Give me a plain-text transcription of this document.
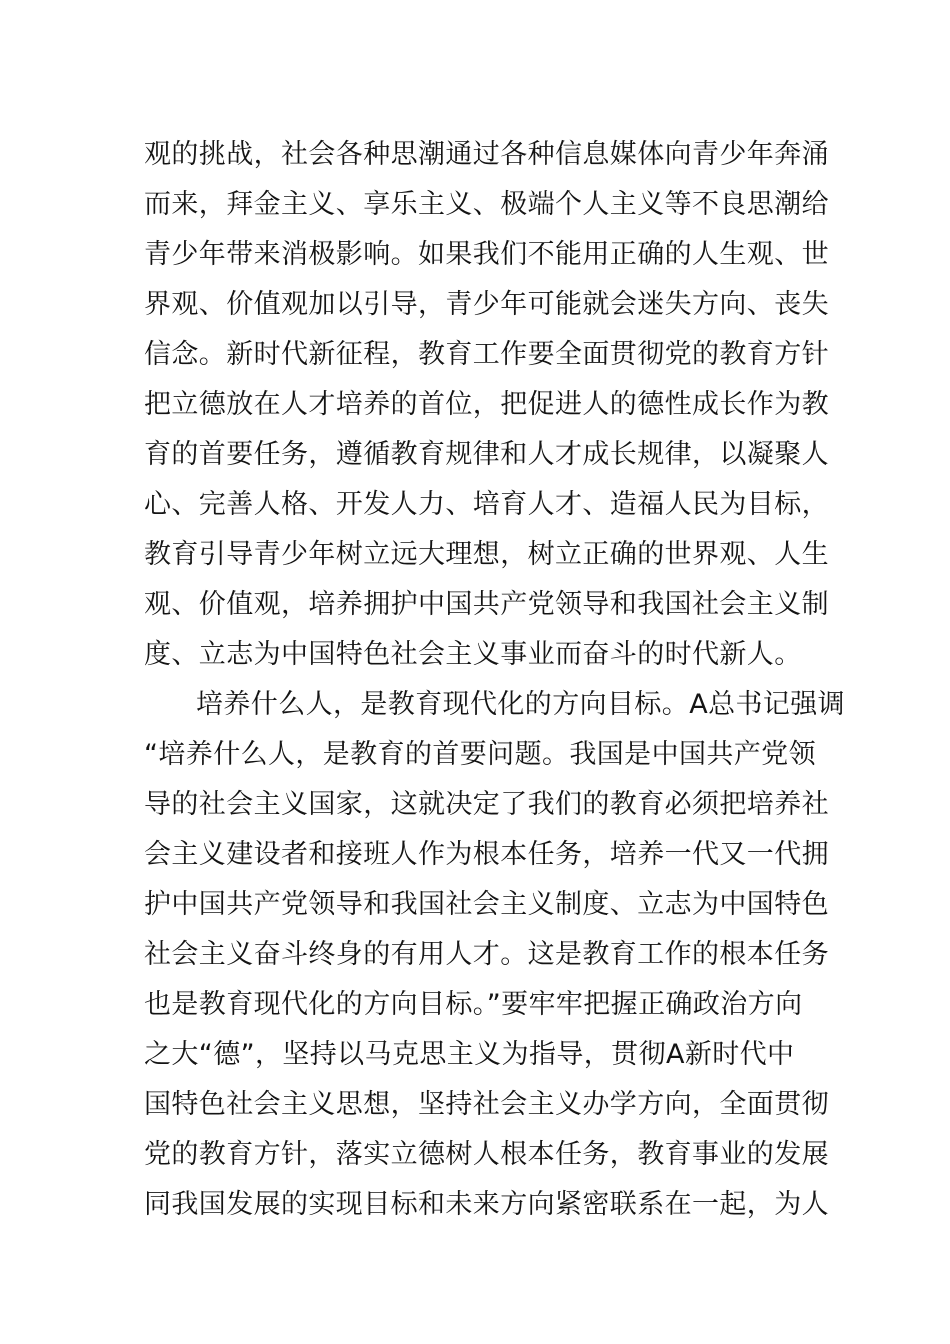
观的挑战，社会各种思潮通过各种信息媒体向青少年奔涌
而来，拜金主义、享乐主义、极端个人主义等不良思潮给
青少年带来消极影响。如果我们不能用正确的人生观、世
界观、价值观加以引导，青少年可能就会迷失方向、丧失
信念。新时代新征程，教育工作要全面贯彻党的教育方针
把立德放在人才培养的首位，把促进人的德性成长作为教
育的首要任务，遵循教育规律和人才成长规律，以凝聚人
心、完善人格、开发人力、培育人才、造福人民为目标，
教育引导青少年树立远大理想，树立正确的世界观、人生
观、价值观，培养拥护中国共产党领导和我国社会主义制
度、立志为中国特色社会主义事业而奋斗的时代新人。
培养什么人，是教育现代化的方向目标。A总书记强调
“培养什么人，是教育的首要问题。我国是中国共产党领
导的社会主义国家，这就决定了我们的教育必须把培养社
会主义建设者和接班人作为根本任务，培养一代又一代拥
护中国共产党领导和我国社会主义制度、立志为中国特色
社会主义奋斗终身的有用人才。这是教育工作的根本任务
也是教育现代化的方向目标。”要牢牢把握正确政治方向
之大“德”，坚持以马克思主义为指导，贯彻A新时代中
国特色社会主义思想，坚持社会主义办学方向，全面贯彻
党的教育方针，落实立德树人根本任务，教育事业的发展
同我国发展的实现目标和未来方向紧密联系在一起，为人
